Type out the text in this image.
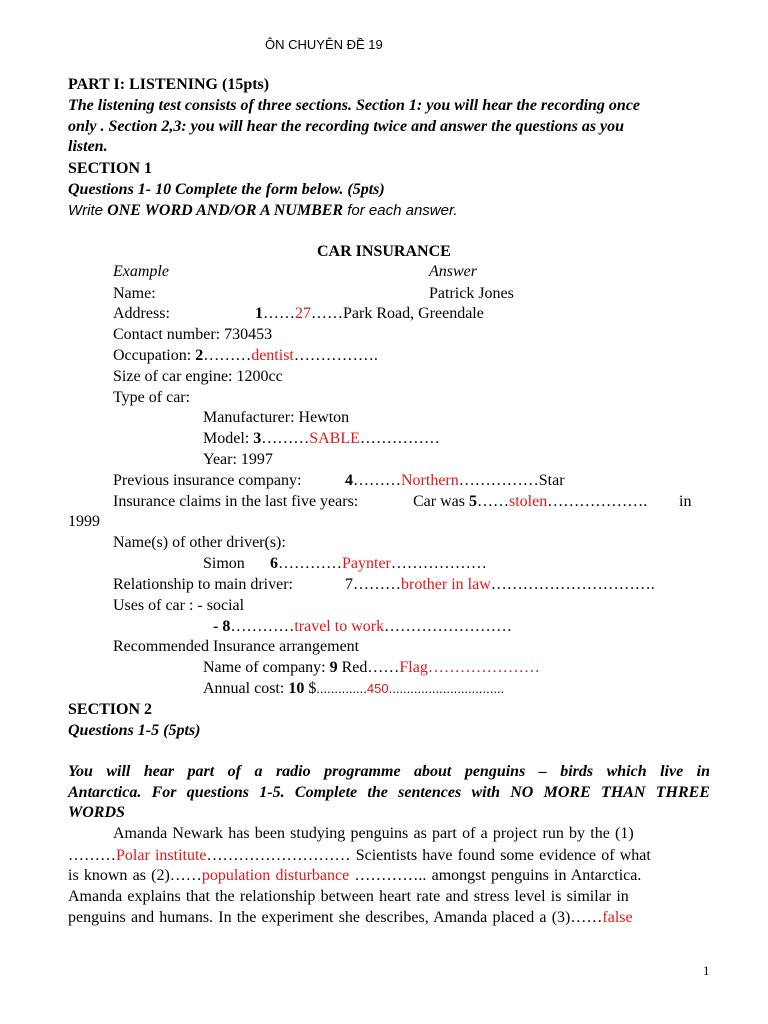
ÔN CHUYÊN ĐỀ 19
PART I: LISTENING (15pts)
The listening test consists of three sections. Section 1: you will hear the recording once
only . Section 2,3: you will hear the recording twice and answer the questions as you
listen.
SECTION 1
Questions 1- 10 Complete the form below. (5pts)
Write ONE WORD AND/OR A NUMBER for each answer.
CAR INSURANCE
Example	Answer
Name:	Patrick Jones
Address:	1……27……Park Road, Greendale
Contact number: 730453
Occupation: 2………dentist…………….
Size of car engine: 1200cc
Type of car:
Manufacturer: Hewton
Model: 3………SABLE……………
Year: 1997
Previous insurance company:	4………Northern……………Star
Insurance claims in the last five years:	Car was 5……stolen………………. in
1999
Name(s) of other driver(s):
Simon 6…………Paynter………………
Relationship to main driver:	7………brother in law………………………….
Uses of car : - social
- 8…………travel to work……………………
Recommended Insurance arrangement
Name of company: 9 Red……Flag…………………
Annual cost: 10 $..............450................................
SECTION 2
Questions 1-5 (5pts)
You will hear part of a radio programme about penguins – birds which live in
Antarctica. For questions 1-5. Complete the sentences with NO MORE THAN THREE
WORDS
Amanda Newark has been studying penguins as part of a project run by the (1)
………Polar institute……………………… Scientists have found some evidence of what
is known as (2)……population disturbance ………….. amongst penguins in Antarctica.
Amanda explains that the relationship between heart rate and stress level is similar in
penguins and humans. In the experiment she describes, Amanda placed a (3)……false
1
